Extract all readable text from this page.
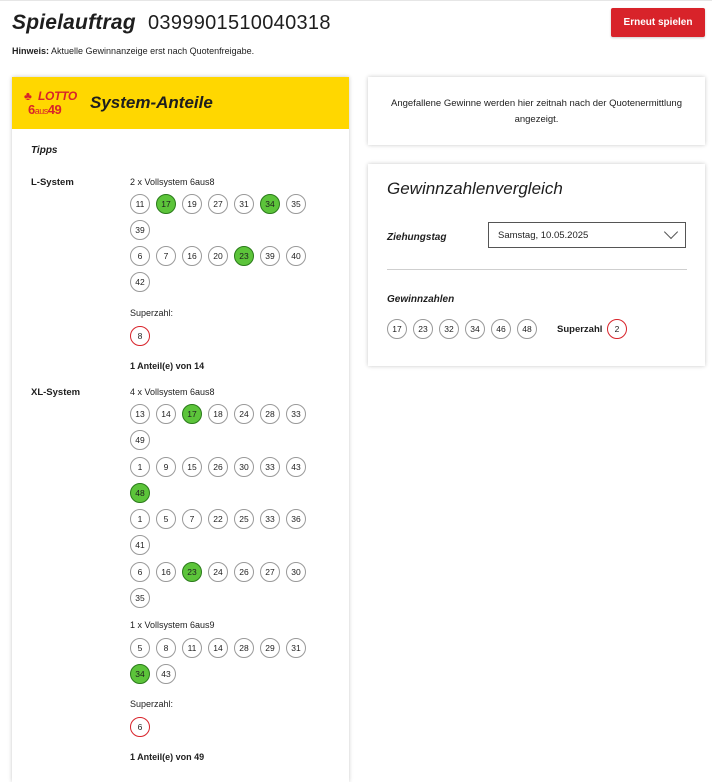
Spielauftrag 0399901510040318
Hinweis: Aktuelle Gewinnanzeige erst nach Quotenfreigabe.
Erneut spielen
♣ LOTTO
6aus49 System-Anteile
Tipps
L-System	2 x Vollsystem 6aus8
11	17	19	27	31	34	35
39
6	7	16	20	23	39	40
42
Superzahl:
8
1 Anteil(e) von 14
XL-System	4 x Vollsystem 6aus8
13	14	17	18	24	28	33
49
1	9	15	26	30	33	43
48
1	5	7	22	25	33	36
41
6	16	23	24	26	27	30
35
1 x Vollsystem 6aus9
5	8	11	14	28	29	31
34	43
Superzahl:
6
1 Anteil(e) von 49
Angefallene Gewinne werden hier zeitnah nach der Quotenermittlung angezeigt.
Gewinnzahlenvergleich
Ziehungstag	Samstag, 10.05.2025
Gewinnzahlen
17	23	32	34	46	48	Superzahl	2
